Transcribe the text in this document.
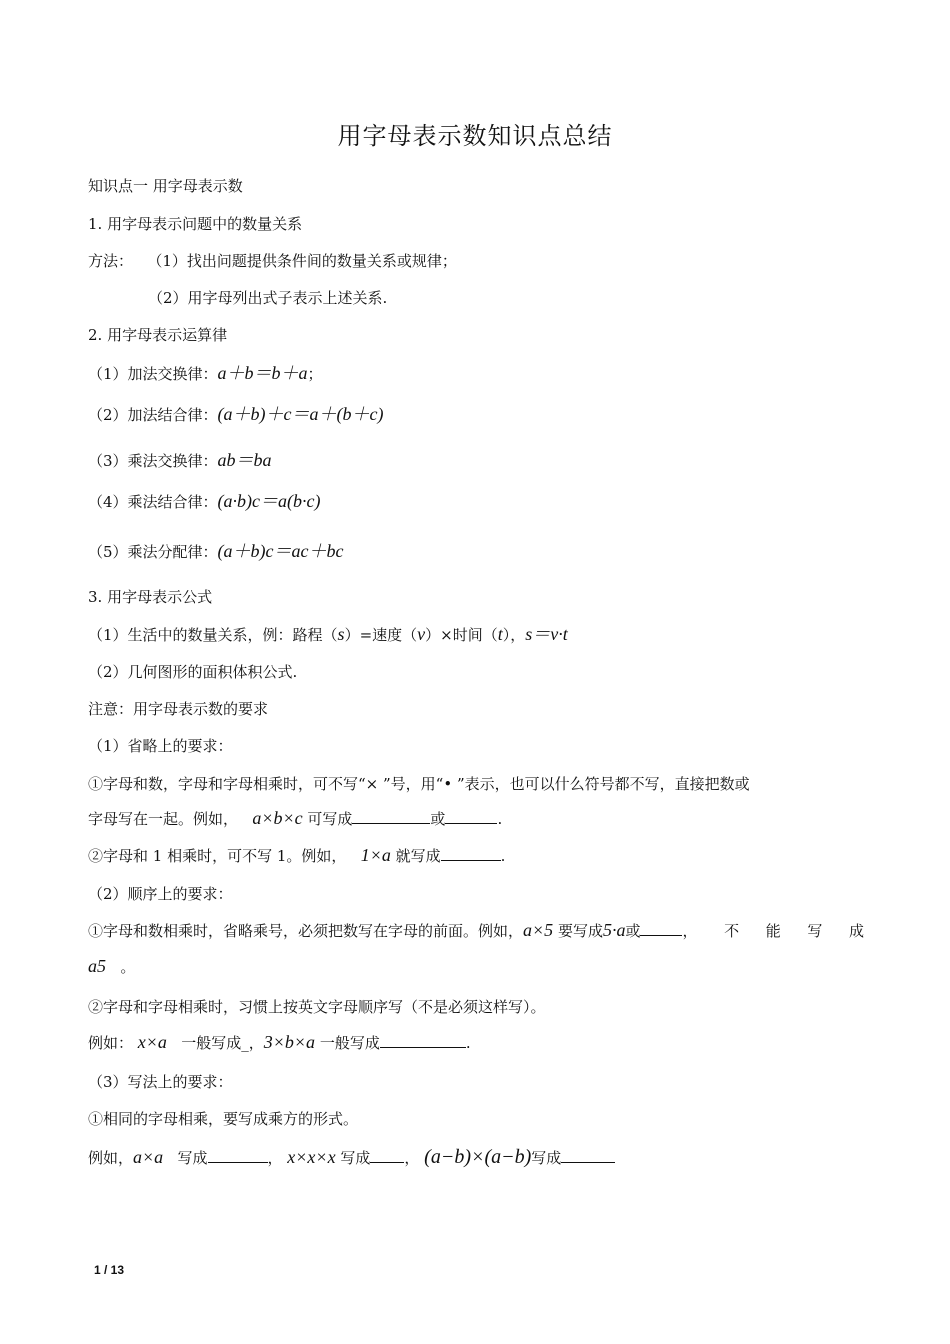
用字母表示数知识点总结
知识点一 用字母表示数
1. 用字母表示问题中的数量关系
方法： （1）找出问题提供条件间的数量关系或规律；
（2）用字母列出式子表示上述关系.
2. 用字母表示运算律
（1）加法交换律：a＋b＝b＋a；
（2）加法结合律：(a＋b)＋c＝a＋(b＋c)
（3）乘法交换律：ab＝ba
（4）乘法结合律：(a·b)c＝a(b·c)
（5）乘法分配律：(a＋b)c＝ac＋bc
3. 用字母表示公式
（1）生活中的数量关系，例：路程（s）=速度（v）×时间（t），s＝v·t
（2）几何图形的面积体积公式.
注意：用字母表示数的要求
（1）省略上的要求：
①字母和数，字母和字母相乘时，可不写“× ”号，用“• ”表示，也可以什么符号都不写，直接把数或
字母写在一起。例如， a×b×c 可写成	或	.
②字母和 1 相乘时，可不写 1。例如， 1×a 就写成	.
（2）顺序上的要求：
①字母和数相乘时，省略乘号，必须把数写在字母的前面。例如，a×5 要写成5·a或	， 不 能 写 成
a5 。
②字母和字母相乘时，习惯上按英文字母顺序写（不是必须这样写）。
例如： x×a 一般写成_，3×b×a 一般写成	.
（3）写法上的要求：
①相同的字母相乘，要写成乘方的形式。
例如，a×a 写成	， x×x×x 写成 ， (a−b)×(a−b)写成
1 / 13
